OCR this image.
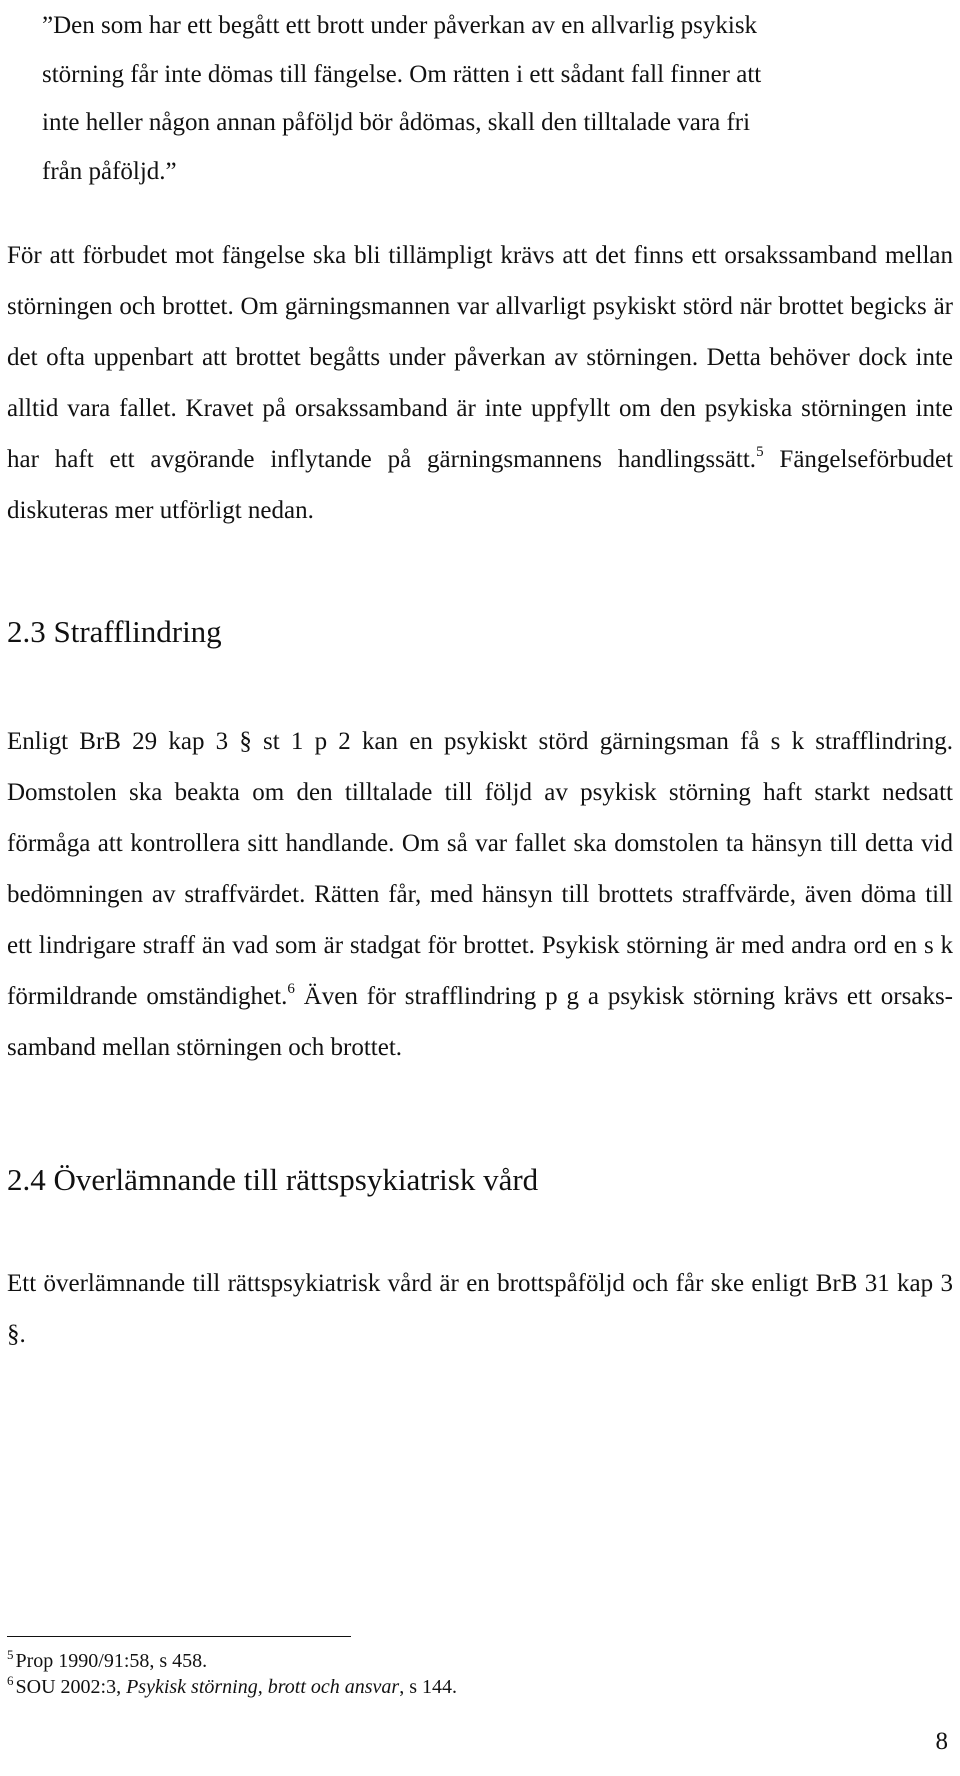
”Den som har ett begått ett brott under påverkan av en allvarlig psykisk
störning får inte dömas till fängelse. Om rätten i ett sådant fall finner att
inte heller någon annan påföljd bör ådömas, skall den tilltalade vara fri
från påföljd.”

För att förbudet mot fängelse ska bli tillämpligt krävs att det finns ett orsakssamband mellan störningen och brottet. Om gärningsmannen var allvarligt psykiskt störd när brottet begicks är det ofta uppenbart att brottet begåtts under påverkan av störningen. Detta behöver dock inte alltid vara fallet. Kravet på orsakssamband är inte uppfyllt om den psykiska störningen inte har haft ett avgörande inflytande på gärningsmannens handlingssätt.$^5$ Fängelseförbudet diskuteras mer utförligt nedan.

2.3 Strafflindring

Enligt BrB 29 kap 3 § st 1 p 2 kan en psykiskt störd gärningsman få s k strafflindring. Domstolen ska beakta om den tilltalade till följd av psykisk störning haft starkt nedsatt förmåga att kontrollera sitt handlande. Om så var fallet ska domstolen ta hänsyn till detta vid bedömningen av straffvärdet. Rätten får, med hänsyn till brottets straffvärde, även döma till ett lindrigare straff än vad som är stadgat för brottet. Psykisk störning är med andra ord en s k förmildrande omständighet.$^6$ Även för strafflindring p g a psykisk störning krävs ett orsaks-samband mellan störningen och brottet.

2.4 Överlämnande till rättspsykiatrisk vård

Ett överlämnande till rättspsykiatrisk vård är en brottspåföljd och får ske enligt BrB 31 kap 3 §.

$^5$ Prop 1990/91:58, s 458.
$^6$ SOU 2002:3, Psykisk störning, brott och ansvar, s 144.
8
